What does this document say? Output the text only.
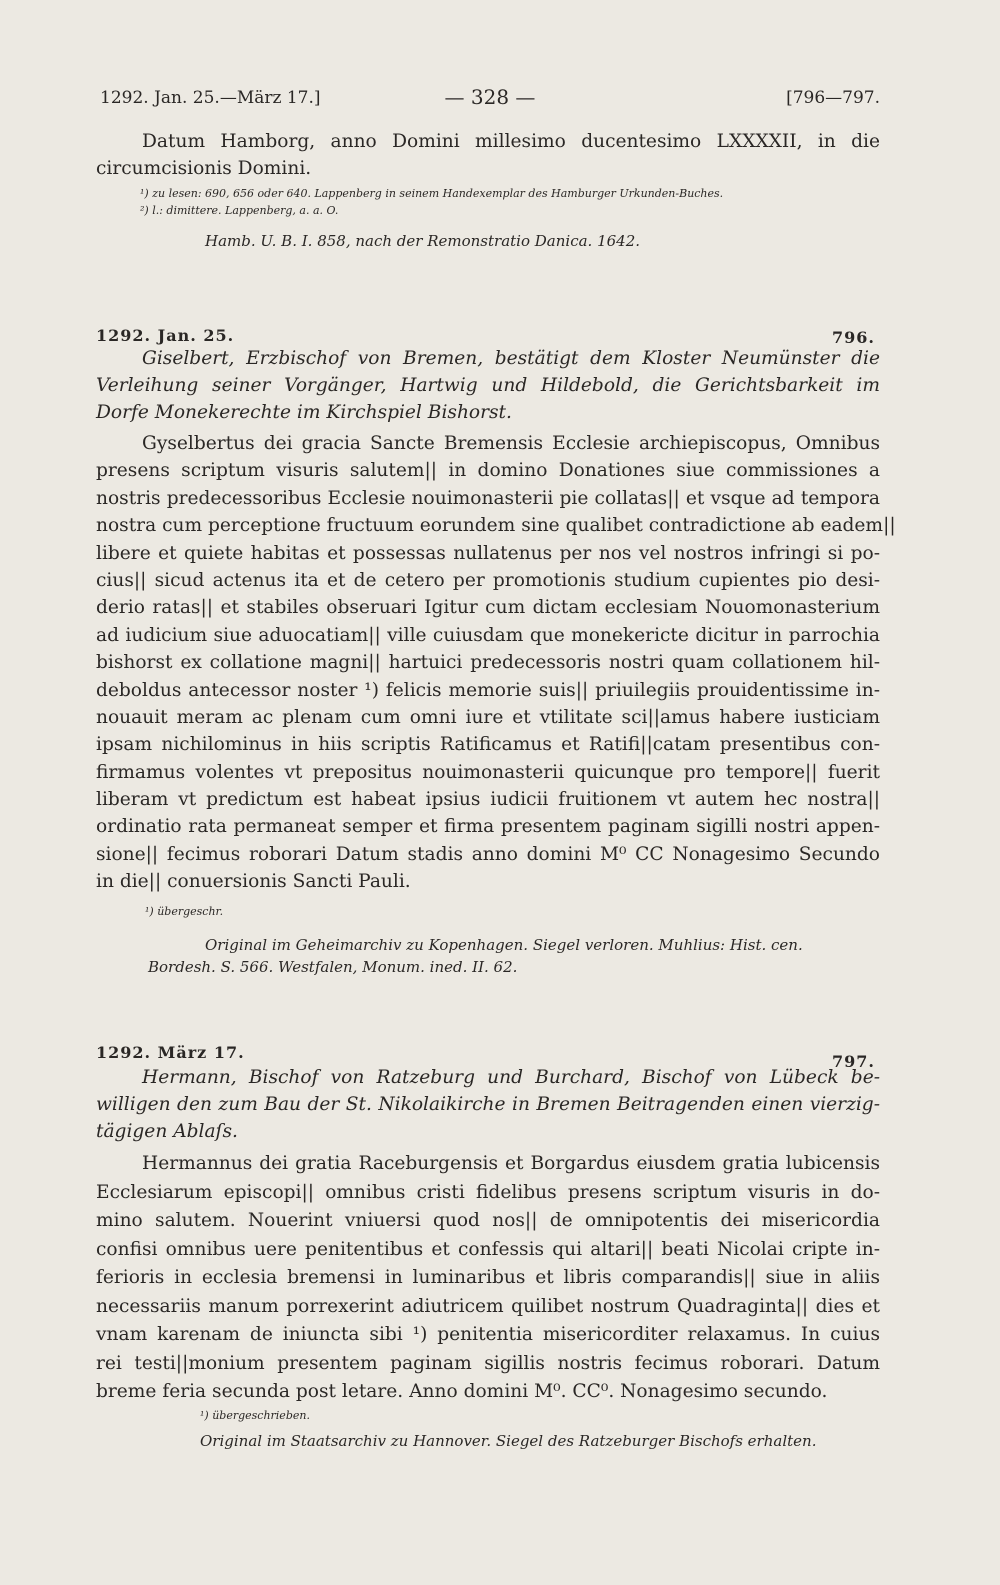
1292. Jan. 25.—März 17.]	— 328 —	[796—797.
Datum Hamborg, anno Domini millesimo ducentesimo LXXXXII, in die
circumcisionis Domini.
¹) zu lesen: 690, 656 oder 640. Lappenberg in seinem Handexemplar des Hamburger Urkunden-Buches.
²) l.: dimittere. Lappenberg, a. a. O.
Hamb. U. B. I. 858, nach der Remonstratio Danica. 1642.
1292. Jan. 25.	796.
Giselbert, Erzbischof von Bremen, bestätigt dem Kloster Neumünster die
Verleihung seiner Vorgänger, Hartwig und Hildebold, die Gerichtsbarkeit im
Dorfe Monekerechte im Kirchspiel Bishorst.
Gyselbertus dei gracia Sancte Bremensis Ecclesie archiepiscopus, Omnibus
presens scriptum visuris salutem|| in domino Donationes siue commissiones a
nostris predecessoribus Ecclesie nouimonasterii pie collatas|| et vsque ad tempora
nostra cum perceptione fructuum eorundem sine qualibet contradictione ab eadem||
libere et quiete habitas et possessas nullatenus per nos vel nostros infringi si po-
cius|| sicud actenus ita et de cetero per promotionis studium cupientes pio desi-
derio ratas|| et stabiles obseruari Igitur cum dictam ecclesiam Nouomonasterium
ad iudicium siue aduocatiam|| ville cuiusdam que monekericte dicitur in parrochia
bishorst ex collatione magni|| hartuici predecessoris nostri quam collationem hil-
deboldus antecessor noster ¹) felicis memorie suis|| priuilegiis prouidentissime in-
nouauit meram ac plenam cum omni iure et vtilitate sci||amus habere iusticiam
ipsam nichilominus in hiis scriptis Ratificamus et Ratifi||catam presentibus con-
firmamus volentes vt prepositus nouimonasterii quicunque pro tempore|| fuerit
liberam vt predictum est habeat ipsius iudicii fruitionem vt autem hec nostra||
ordinatio rata permaneat semper et firma presentem paginam sigilli nostri appen-
sione|| fecimus roborari Datum stadis anno domini M⁰ CC Nonagesimo Secundo
in die|| conuersionis Sancti Pauli.
¹) übergeschr.
Original im Geheimarchiv zu Kopenhagen. Siegel verloren. Muhlius: Hist. cen.
Bordesh. S. 566. Westfalen, Monum. ined. II. 62.
1292. März 17.	797.
Hermann, Bischof von Ratzeburg und Burchard, Bischof von Lübeck be-
willigen den zum Bau der St. Nikolaikirche in Bremen Beitragenden einen vierzig-
tägigen Ablaſs.
Hermannus dei gratia Raceburgensis et Borgardus eiusdem gratia lubicensis
Ecclesiarum episcopi|| omnibus cristi fidelibus presens scriptum visuris in do-
mino salutem. Nouerint vniuersi quod nos|| de omnipotentis dei misericordia
confisi omnibus uere penitentibus et confessis qui altari|| beati Nicolai cripte in-
ferioris in ecclesia bremensi in luminaribus et libris comparandis|| siue in aliis
necessariis manum porrexerint adiutricem quilibet nostrum Quadraginta|| dies et
vnam karenam de iniuncta sibi ¹) penitentia misericorditer relaxamus. In cuius
rei testi||monium presentem paginam sigillis nostris fecimus roborari. Datum
breme feria secunda post letare. Anno domini M⁰. CC⁰. Nonagesimo secundo.
¹) übergeschrieben.
Original im Staatsarchiv zu Hannover. Siegel des Ratzeburger Bischofs erhalten.
